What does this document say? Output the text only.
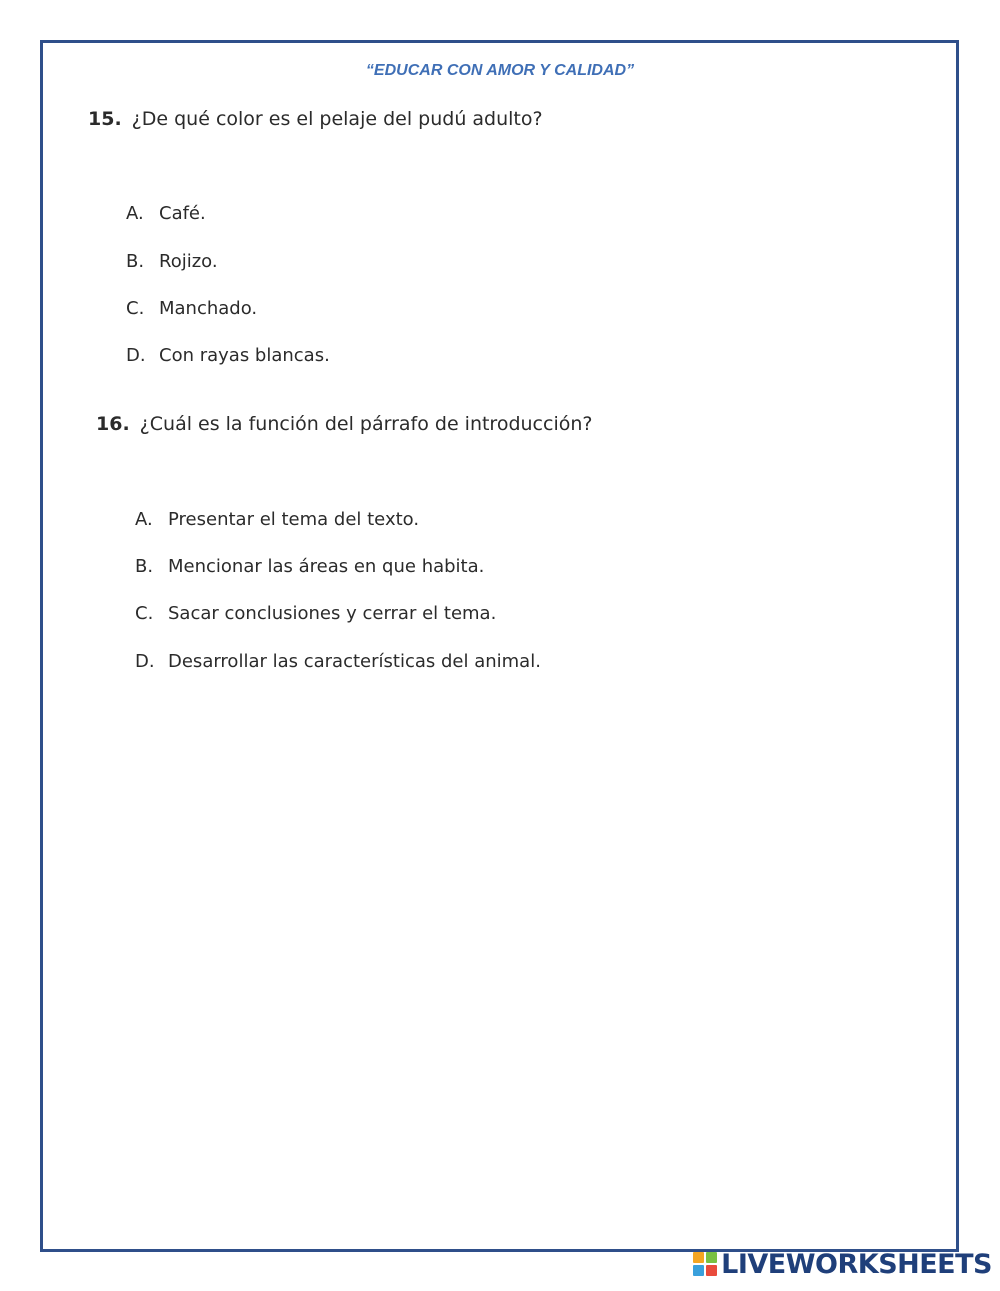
“EDUCAR CON AMOR Y CALIDAD”
15. ¿De qué color es el pelaje del pudú adulto?
A. Café.
B. Rojizo.
C. Manchado.
D. Con rayas blancas.
16. ¿Cuál es la función del párrafo de introducción?
A. Presentar el tema del texto.
B. Mencionar las áreas en que habita.
C. Sacar conclusiones y cerrar el tema.
D. Desarrollar las características del animal.
LIVEWORKSHEETS
